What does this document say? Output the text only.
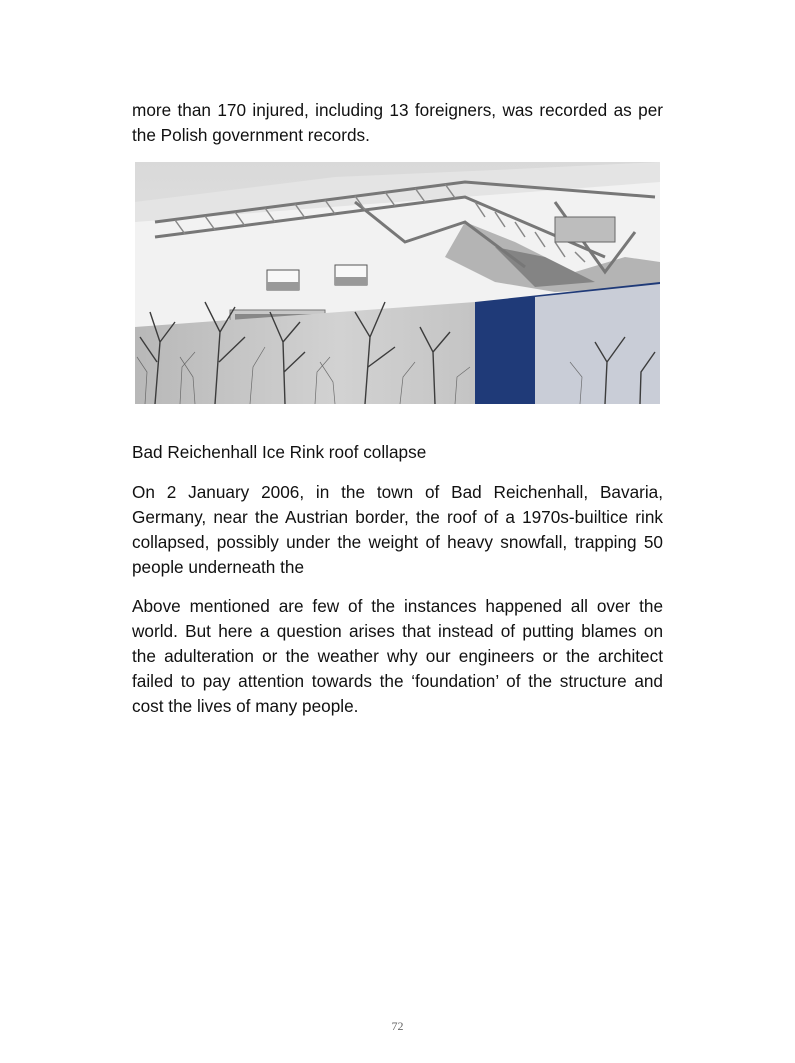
more than 170 injured, including 13 foreigners, was recorded as per the Polish government records.

Bad Reichenhall Ice Rink roof collapse

On 2 January 2006, in the town of Bad Reichenhall, Bavaria, Germany, near the Austrian border, the roof of a 1970s-builtice rink collapsed, possibly under the weight of heavy snowfall, trapping 50 people underneath the

Above mentioned are few of the instances happened all over the world. But here a question arises that instead of putting blames on the adulteration or the weather why our engineers or the architect failed to pay attention towards the ‘foundation’ of the structure and cost the lives of many people.

72
